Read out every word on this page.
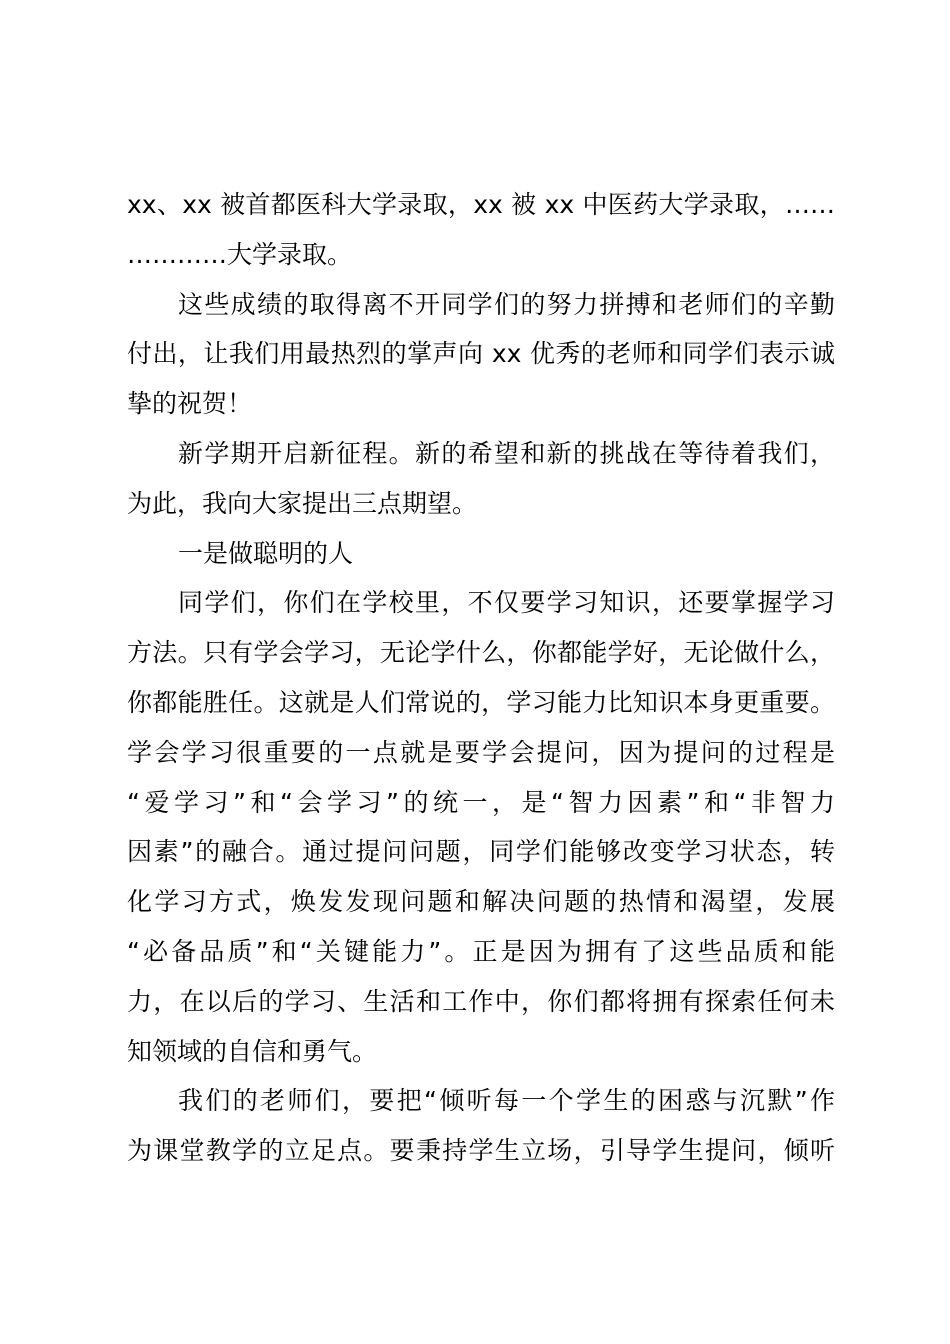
xx、xx 被首都医科大学录取，xx 被 xx 中医药大学录取，……
…………大学录取。
这些成绩的取得离不开同学们的努力拼搏和老师们的辛勤
付出，让我们用最热烈的掌声向 xx 优秀的老师和同学们表示诚
挚的祝贺！
新学期开启新征程。新的希望和新的挑战在等待着我们，
为此，我向大家提出三点期望。
一是做聪明的人
同学们，你们在学校里，不仅要学习知识，还要掌握学习
方法。只有学会学习，无论学什么，你都能学好，无论做什么，
你都能胜任。这就是人们常说的，学习能力比知识本身更重要。
学会学习很重要的一点就是要学会提问，因为提问的过程是
“爱学习”和“会学习”的统一，是“智力因素”和“非智力
因素”的融合。通过提问问题，同学们能够改变学习状态，转
化学习方式，焕发发现问题和解决问题的热情和渴望，发展
“必备品质”和“关键能力”。正是因为拥有了这些品质和能
力，在以后的学习、生活和工作中，你们都将拥有探索任何未
知领域的自信和勇气。
我们的老师们，要把“倾听每一个学生的困惑与沉默”作
为课堂教学的立足点。要秉持学生立场，引导学生提问，倾听
